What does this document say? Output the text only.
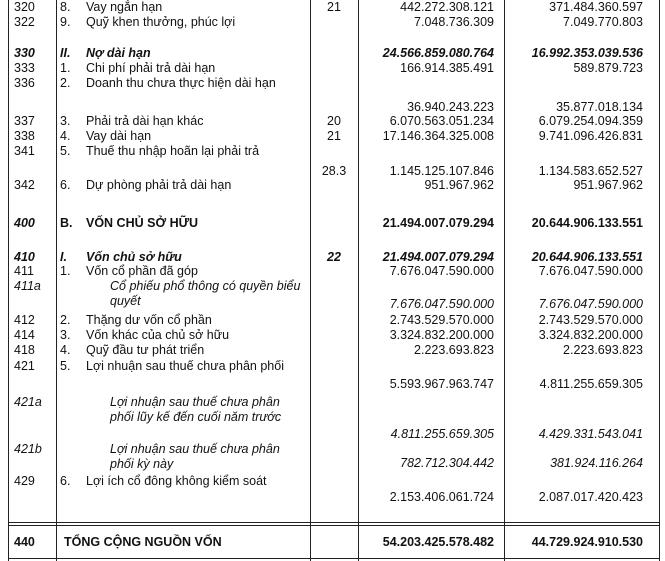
320	8.	Vay ngắn hạn	21	442.272.308.121	371.484.360.597
322	9.	Quỹ khen thưởng, phúc lợi	7.048.736.309	7.049.770.803
330	II.	Nợ dài hạn	24.566.859.080.764	16.992.353.039.536
333	1.	Chi phí phải trả dài hạn	166.914.385.491	589.879.723
336	2.	Doanh thu chưa thực hiện dài hạn
36.940.243.223	35.877.018.134
337	3.	Phải trả dài hạn khác	20	6.070.563.051.234	6.079.254.094.359
338	4.	Vay dài hạn	21	17.146.364.325.008	9.741.096.426.831
341	5.	Thuế thu nhập hoãn lại phải trả
28.3	1.145.125.107.846	1.134.583.652.527
342	6.	Dự phòng phải trả dài hạn	951.967.962	951.967.962
400	B.	VỐN CHỦ SỞ HỮU	21.494.007.079.294	20.644.906.133.551
410	I.	Vốn chủ sở hữu	22	21.494.007.079.294	20.644.906.133.551
411	1.	Vốn cổ phần đã góp	7.676.047.590.000	7.676.047.590.000
411a	Cổ phiếu phổ thông có quyền biểu quyết	7.676.047.590.000	7.676.047.590.000
412	2.	Thặng dư vốn cổ phần	2.743.529.570.000	2.743.529.570.000
414	3.	Vốn khác của chủ sở hữu	3.324.832.200.000	3.324.832.200.000
418	4.	Quỹ đầu tư phát triển	2.223.693.823	2.223.693.823
421	5.	Lợi nhuận sau thuế chưa phân phối
5.593.967.963.747	4.811.255.659.305
421a	Lợi nhuận sau thuế chưa phân phối lũy kế đến cuối năm trước
4.811.255.659.305	4.429.331.543.041
421b	Lợi nhuận sau thuế chưa phân phối kỳ này	782.712.304.442	381.924.116.264
429	6.	Lợi ích cổ đông không kiểm soát
2.153.406.061.724	2.087.017.420.423
440	TỔNG CỘNG NGUỒN VỐN	54.203.425.578.482	44.729.924.910.530
